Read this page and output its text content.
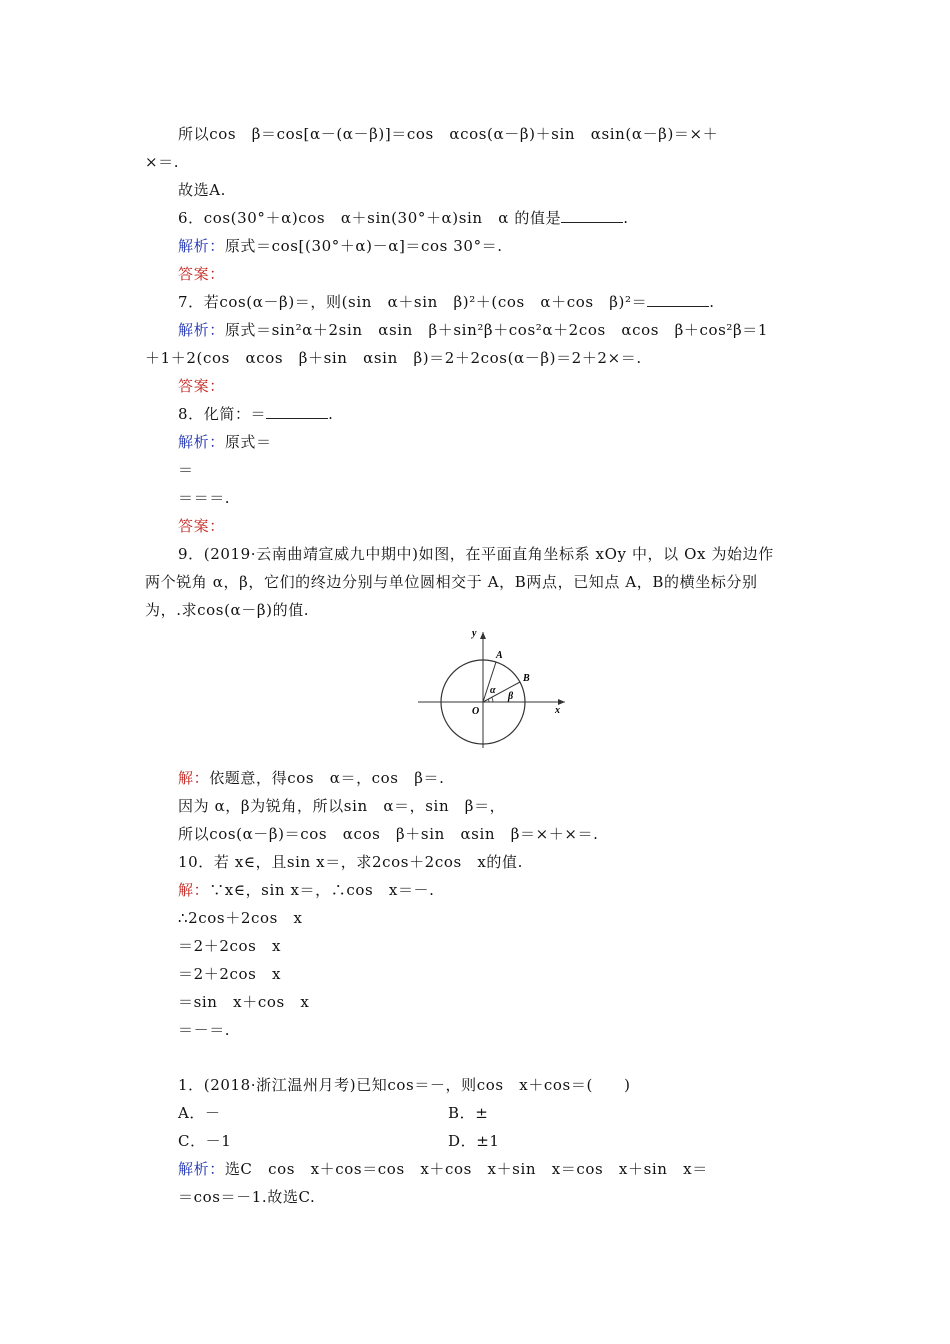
所以cos　β＝cos[α－(α－β)]＝cos　αcos(α－β)＋sin　αsin(α－β)＝×＋
×＝.
故选A.
6．cos(30°＋α)cos　α＋sin(30°＋α)sin　α 的值是	.
解析：原式＝cos[(30°＋α)－α]＝cos 30°＝.
答案：
7．若cos(α－β)＝，则(sin　α＋sin　β)²＋(cos　α＋cos　β)²＝	.
解析：原式＝sin²α＋2sin　αsin　β＋sin²β＋cos²α＋2cos　αcos　β＋cos²β＝1
＋1＋2(cos　αcos　β＋sin　αsin　β)＝2＋2cos(α－β)＝2＋2×＝.
答案：
8．化简：＝	.
解析：原式＝
＝
＝＝＝.
答案：
9．(2019·云南曲靖宣威九中期中)如图，在平面直角坐标系 xOy 中，以 Ox 为始边作
两个锐角 α，β，它们的终边分别与单位圆相交于 A，B两点，已知点 A，B的横坐标分别
为，.求cos(α－β)的值.
y
x
O
A
B
α
β
解：依题意，得cos　α＝，cos　β＝.
因为 α，β为锐角，所以sin　α＝，sin　β＝，
所以cos(α－β)＝cos　αcos　β＋sin　αsin　β＝×＋×＝.
10．若 x∈，且sin x＝，求2cos＋2cos　x的值.
解：∵x∈，sin x＝，∴cos　x＝－.
∴2cos＋2cos　x
＝2＋2cos　x
＝2＋2cos　x
＝sin　x＋cos　x
＝－＝.
1．(2018·浙江温州月考)已知cos＝－，则cos　x＋cos＝(　　)
A．－	B．±
C．－1	D．±1
解析：选C　cos　x＋cos＝cos　x＋cos　x＋sin　x＝cos　x＋sin　x＝
＝cos＝－1.故选C.
